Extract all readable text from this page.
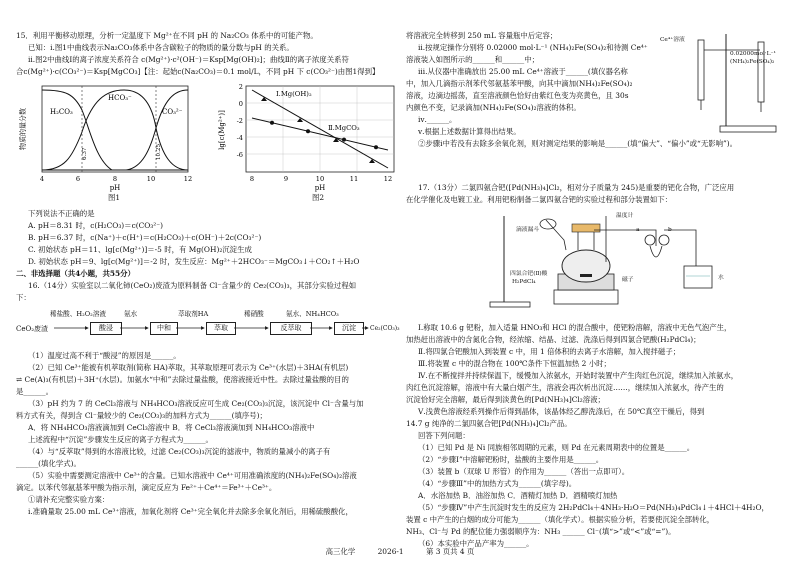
15．利用平衡移动原理，分析一定温度下 Mg²⁺在不同 pH 的 Na₂CO₃ 体系中的可能产物。
已知：ⅰ.图1中曲线表示Na₂CO₃体系中各含碳粒子的物质的量分数与pH 的关系。
ⅱ.图2中曲线Ⅰ的离子浓度关系符合 c(Mg²⁺)·c²(OH⁻)＝Ksp[Mg(OH)₂]；曲线Ⅱ的离子浓度关系符
合c(Mg²⁺)·c(CO₃²⁻)＝Ksp[MgCO₃]【注：起始c(Na₂CO₃)＝0.1 mol/L，不同 pH 下 c(CO₃²⁻)由图1得到】
物质的量分数	H₂CO₃
HCO₃⁻
CO₃²⁻
6.37	10.25
4	6	8	10	12
pH
图1
lg[c(Mg²⁺)]
Ⅰ.Mg(OH)₂
Ⅱ.MgCO₃
2
0
-2
-4
-6
8	9	10	11	12
pH
图2
下列说法不正确的是
A. pH＝8.31 时，c(H₂CO₃)＝c(CO₃²⁻)
B. pH＝6.37 时，c(Na⁺)＋c(H⁺)＝c(H₂CO₃)＋c(OH⁻)＋2c(CO₃²⁻)
C. 初始状态 pH＝11、lg[c(Mg²⁺)]＝-5 时，有 Mg(OH)₂沉淀生成
D. 初始状态 pH＝9、lg[c(Mg²⁺)]＝-2 时，发生反应：Mg²⁺＋2HCO₃⁻＝MgCO₃↓＋CO₂↑＋H₂O
二、非选择题（共4小题，共55分）
16.（14分）实验室以二氧化铈(CeO₂)废渣为原料制备 Cl⁻含量少的 Ce₂(CO₃)₃，其部分实验过程如
下：
CeO₂废渣
稀盐酸、H₂O₂溶液	氨水	萃取剂HA	稀硝酸	氨水、NH₄HCO₃
酸浸	中和	萃取	反萃取	沉淀	Ce₂(CO₃)₃
（1）温度过高不利于“酸浸”的原因是______。
（2）已知 Ce³⁺能被有机萃取剂(简称 HA)萃取，其萃取原理可表示为 Ce³⁺(水层)＋3HA(有机层)
⇌ Ce(A)₃(有机层)＋3H⁺(水层)。加氨水“中和”去除过量盐酸，使溶液接近中性。去除过量盐酸的目的
是______。
（3）pH 约为 7 的 CeCl₃溶液与 NH₄HCO₃溶液反应可生成 Ce₂(CO₃)₃沉淀，该沉淀中 Cl⁻含量与加
料方式有关，得到含 Cl⁻量较少的 Ce₂(CO₃)₃的加料方式为______(填序号)；
A．将 NH₄HCO₃溶液滴加到 CeCl₃溶液中 B．将 CeCl₃溶液滴加到 NH₄HCO₃溶液中
上述流程中“沉淀”步骤发生反应的离子方程式为______。
（4）与“反萃取”得到的水溶液比较，过滤 Ce₂(CO₃)₃沉淀的滤液中，物质的量减小的离子有
______(填化学式)。
（5）实验中需要测定溶液中 Ce³⁺的含量。已知水溶液中 Ce⁴⁺可用准确浓度的(NH₄)₂Fe(SO₄)₂溶液
滴定。以苯代邻氨基苯甲酸为指示剂，滴定反应为 Fe²⁺＋Ce⁴⁺＝Fe³⁺＋Ce³⁺。
①请补充完整实验方案：
ⅰ.准确量取 25.00 mL Ce³⁺溶液，加氧化剂将 Ce³⁺完全氧化并去除多余氧化剂后，用稀硫酸酸化，
将溶液完全转移到 250 mL 容量瓶中后定容；
ⅱ.按规定操作分别将 0.02000 mol·L⁻¹ (NH₄)₂Fe(SO₄)₂和待测 Ce⁴⁺
溶液装入如图所示的______和______中；
ⅲ.从仪器中准确放出 25.00 mL Ce⁴⁺溶液于______(填仪器名称
中，加入几滴指示剂苯代邻氨基苯甲酸，向其中滴加(NH₄)₂Fe(SO₄)₂
溶液，边滴边摇荡，直至溶液颜色恰好由紫红色变为亮黄色，且 30s
内颜色不变，记录滴加(NH₄)₂Fe(SO₄)₂溶液的体积。
ⅳ.______。
ⅴ.根据上述数据计算得出结果。
②步骤ⅰ中若没有去除多余氧化剂，则对测定结果的影响是______(填“偏大”、“偏小”或“无影响”)。
Ce⁴⁺溶液
0.02000mol·L⁻¹
(NH₄)₂Fe(SO₄)₂
17.（13分）二氯四氨合钯([Pd(NH₃)₄]Cl₂，相对分子质量为 245)是重要的钯化合物，广泛应用
在化学催化及电镀工业。利用钯粉制备二氯四氨合钯的实验过程和部分装置如下：
温度计
滴液漏斗
四氯合钯(Ⅱ)酸
H₂PdCl₄	磁子	水
a	b
Ⅰ.称取 10.6 g 钯粉，加入适量 HNO₃和 HCl 的混合酸中，使钯粉溶解，溶液中无色气泡产生，
加热赶出溶液中的含氮化合物，经浓缩、结晶、过滤、洗涤后得到四氯合钯酸(H₂PdCl₄)；
Ⅱ.将四氯合钯酸加入到装置 c 中，用 1 倍体积的去离子水溶解，加入搅拌磁子；
Ⅲ.将装置 c 中的混合物在 100℃条件下恒温加热 2 小时；
Ⅳ.在不断搅拌并持续保温下，缓慢加入浓氨水，开始时装置中产生肉红色沉淀，继续加入浓氨水，
肉红色沉淀溶解，溶液中有大量白烟产生，溶液会再次析出沉淀……，继续加入浓氨水，待产生的
沉淀恰好完全溶解，最后得到淡黄色的[Pd(NH₃)₄]Cl₂溶液；
Ⅴ.浅黄色溶液经系列操作后得到晶体，该晶体经乙醇洗涤后，在 50℃真空干燥后，得到
14.7 g 纯净的二氯四氨合钯[Pd(NH₃)₄]Cl₂产品。
回答下列问题：
（1）已知 Pd 是 Ni 同族相邻周期的元素，则 Pd 在元素周期表中的位置是______。
（2）“步骤Ⅰ”中溶解钯粉时，盐酸的主要作用是______。
（3）装置 b（双球 U 形管）的作用为______（答出一点即可）。
（4）“步骤Ⅲ”中的加热方式为______(填字母)。
A．水浴加热 B．油浴加热 C．酒精灯加热 D．酒精喷灯加热
（5）“步骤Ⅳ”中产生沉淀时发生的反应为 2H₂PdCl₄＋4NH₃·H₂O＝Pd(NH₃)₄PdCl₄↓＋4HCl＋4H₂O，
装置 c 中产生的白烟的成分可能为______（填化学式）。根据实验分析，若要使沉淀全部转化，
NH₃、Cl⁻与 Pd 的配位能力强弱顺序为：NH₃ ______ Cl⁻(填“>”或“<”或“=”)。
（6）本实验中产品产率为______。
高三化学	2026-1	第 3 页共 4 页
